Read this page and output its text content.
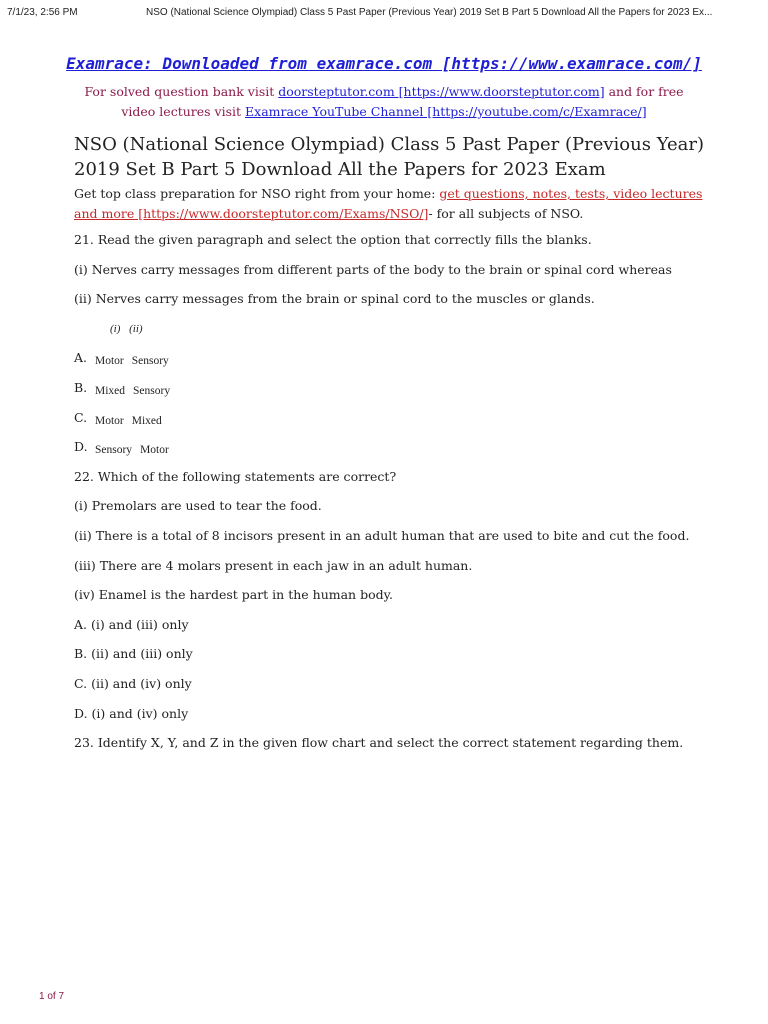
7/1/23, 2:56 PM	NSO (National Science Olympiad) Class 5 Past Paper (Previous Year) 2019 Set B Part 5 Download All the Papers for 2023 Ex...
Examrace: Downloaded from examrace.com [https://www.examrace.com/]
For solved question bank visit doorsteptutor.com [https://www.doorsteptutor.com] and for free video lectures visit Examrace YouTube Channel [https://youtube.com/c/Examrace/]
NSO (National Science Olympiad) Class 5 Past Paper (Previous Year) 2019 Set B Part 5 Download All the Papers for 2023 Exam

Get top class preparation for NSO right from your home: get questions, notes, tests, video lectures and more [https://www.doorsteptutor.com/Exams/NSO/]- for all subjects of NSO.

21. Read the given paragraph and select the option that correctly fills the blanks.
(i) Nerves carry messages from different parts of the body to the brain or spinal cord whereas
(ii) Nerves carry messages from the brain or spinal cord to the muscles or glands.
(i) (ii)
A. Motor Sensory
B. Mixed Sensory
C. Motor Mixed
D. Sensory Motor
22. Which of the following statements are correct?
(i) Premolars are used to tear the food.
(ii) There is a total of 8 incisors present in an adult human that are used to bite and cut the food.
(iii) There are 4 molars present in each jaw in an adult human.
(iv) Enamel is the hardest part in the human body.
A. (i) and (iii) only
B. (ii) and (iii) only
C. (ii) and (iv) only
D. (i) and (iv) only
23. Identify X, Y, and Z in the given flow chart and select the correct statement regarding them.
1 of 7
